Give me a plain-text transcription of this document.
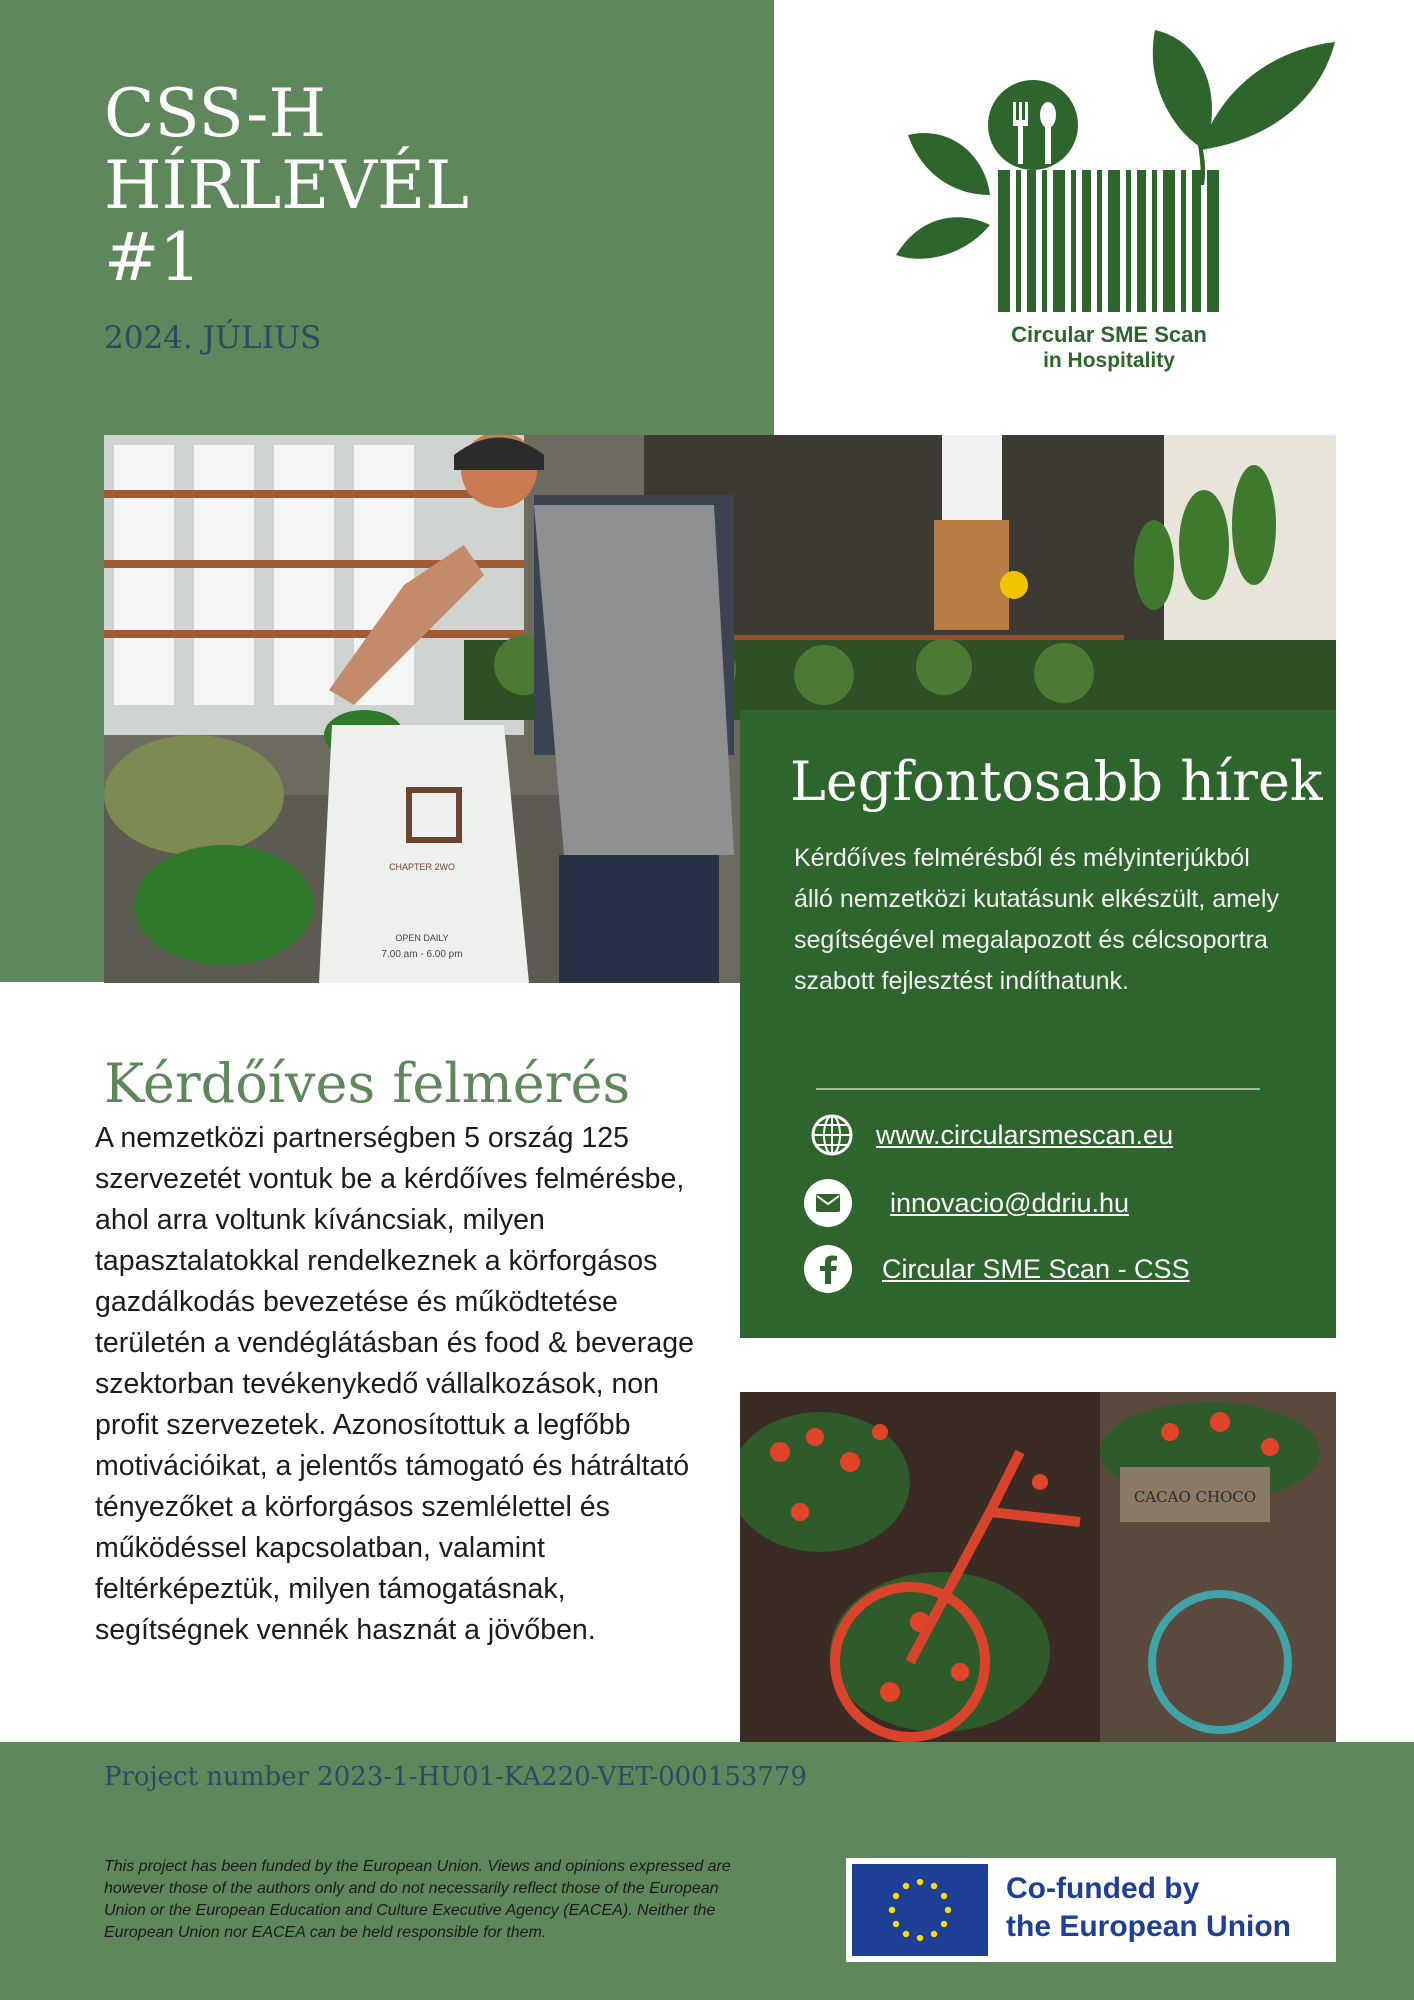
CSS-H
HÍRLEVÉL
#1
2024. JÚLIUS	Circular SME Scan
in Hospitality
CHAPTER 2WO
OPEN DAILY
7.00 am - 6.00 pm
Legfontosabb hírek
Kérdőíves felmérésből és mélyinterjúkból álló nemzetközi kutatásunk elkészült, amely segítségével megalapozott és célcsoportra szabott fejlesztést indíthatunk.
www.circularsmescan.eu
innovacio@ddriu.hu
Circular SME Scan - CSS
Kérdőíves felmérés
A nemzetközi partnerségben 5 ország 125 szervezetét vontuk be a kérdőíves felmérésbe, ahol arra voltunk kíváncsiak, milyen tapasztalatokkal rendelkeznek a körforgásos gazdálkodás bevezetése és működtetése területén a vendéglátásban és food & beverage szektorban tevékenykedő vállalkozások, non profit szervezetek. Azonosítottuk a legfőbb motivációikat, a jelentős támogató és hátráltató tényezőket a körforgásos szemlélettel és működéssel kapcsolatban, valamint feltérképeztük, milyen támogatásnak, segítségnek vennék hasznát a jövőben.
CACAO CHOCO
Project number 2023-1-HU01-KA220-VET-000153779
This project has been funded by the European Union. Views and opinions expressed are however those of the authors only and do not necessarily reflect those of the European Union or the European Education and Culture Executive Agency (EACEA). Neither the European Union nor EACEA can be held responsible for them.
Co-funded by
the European Union
